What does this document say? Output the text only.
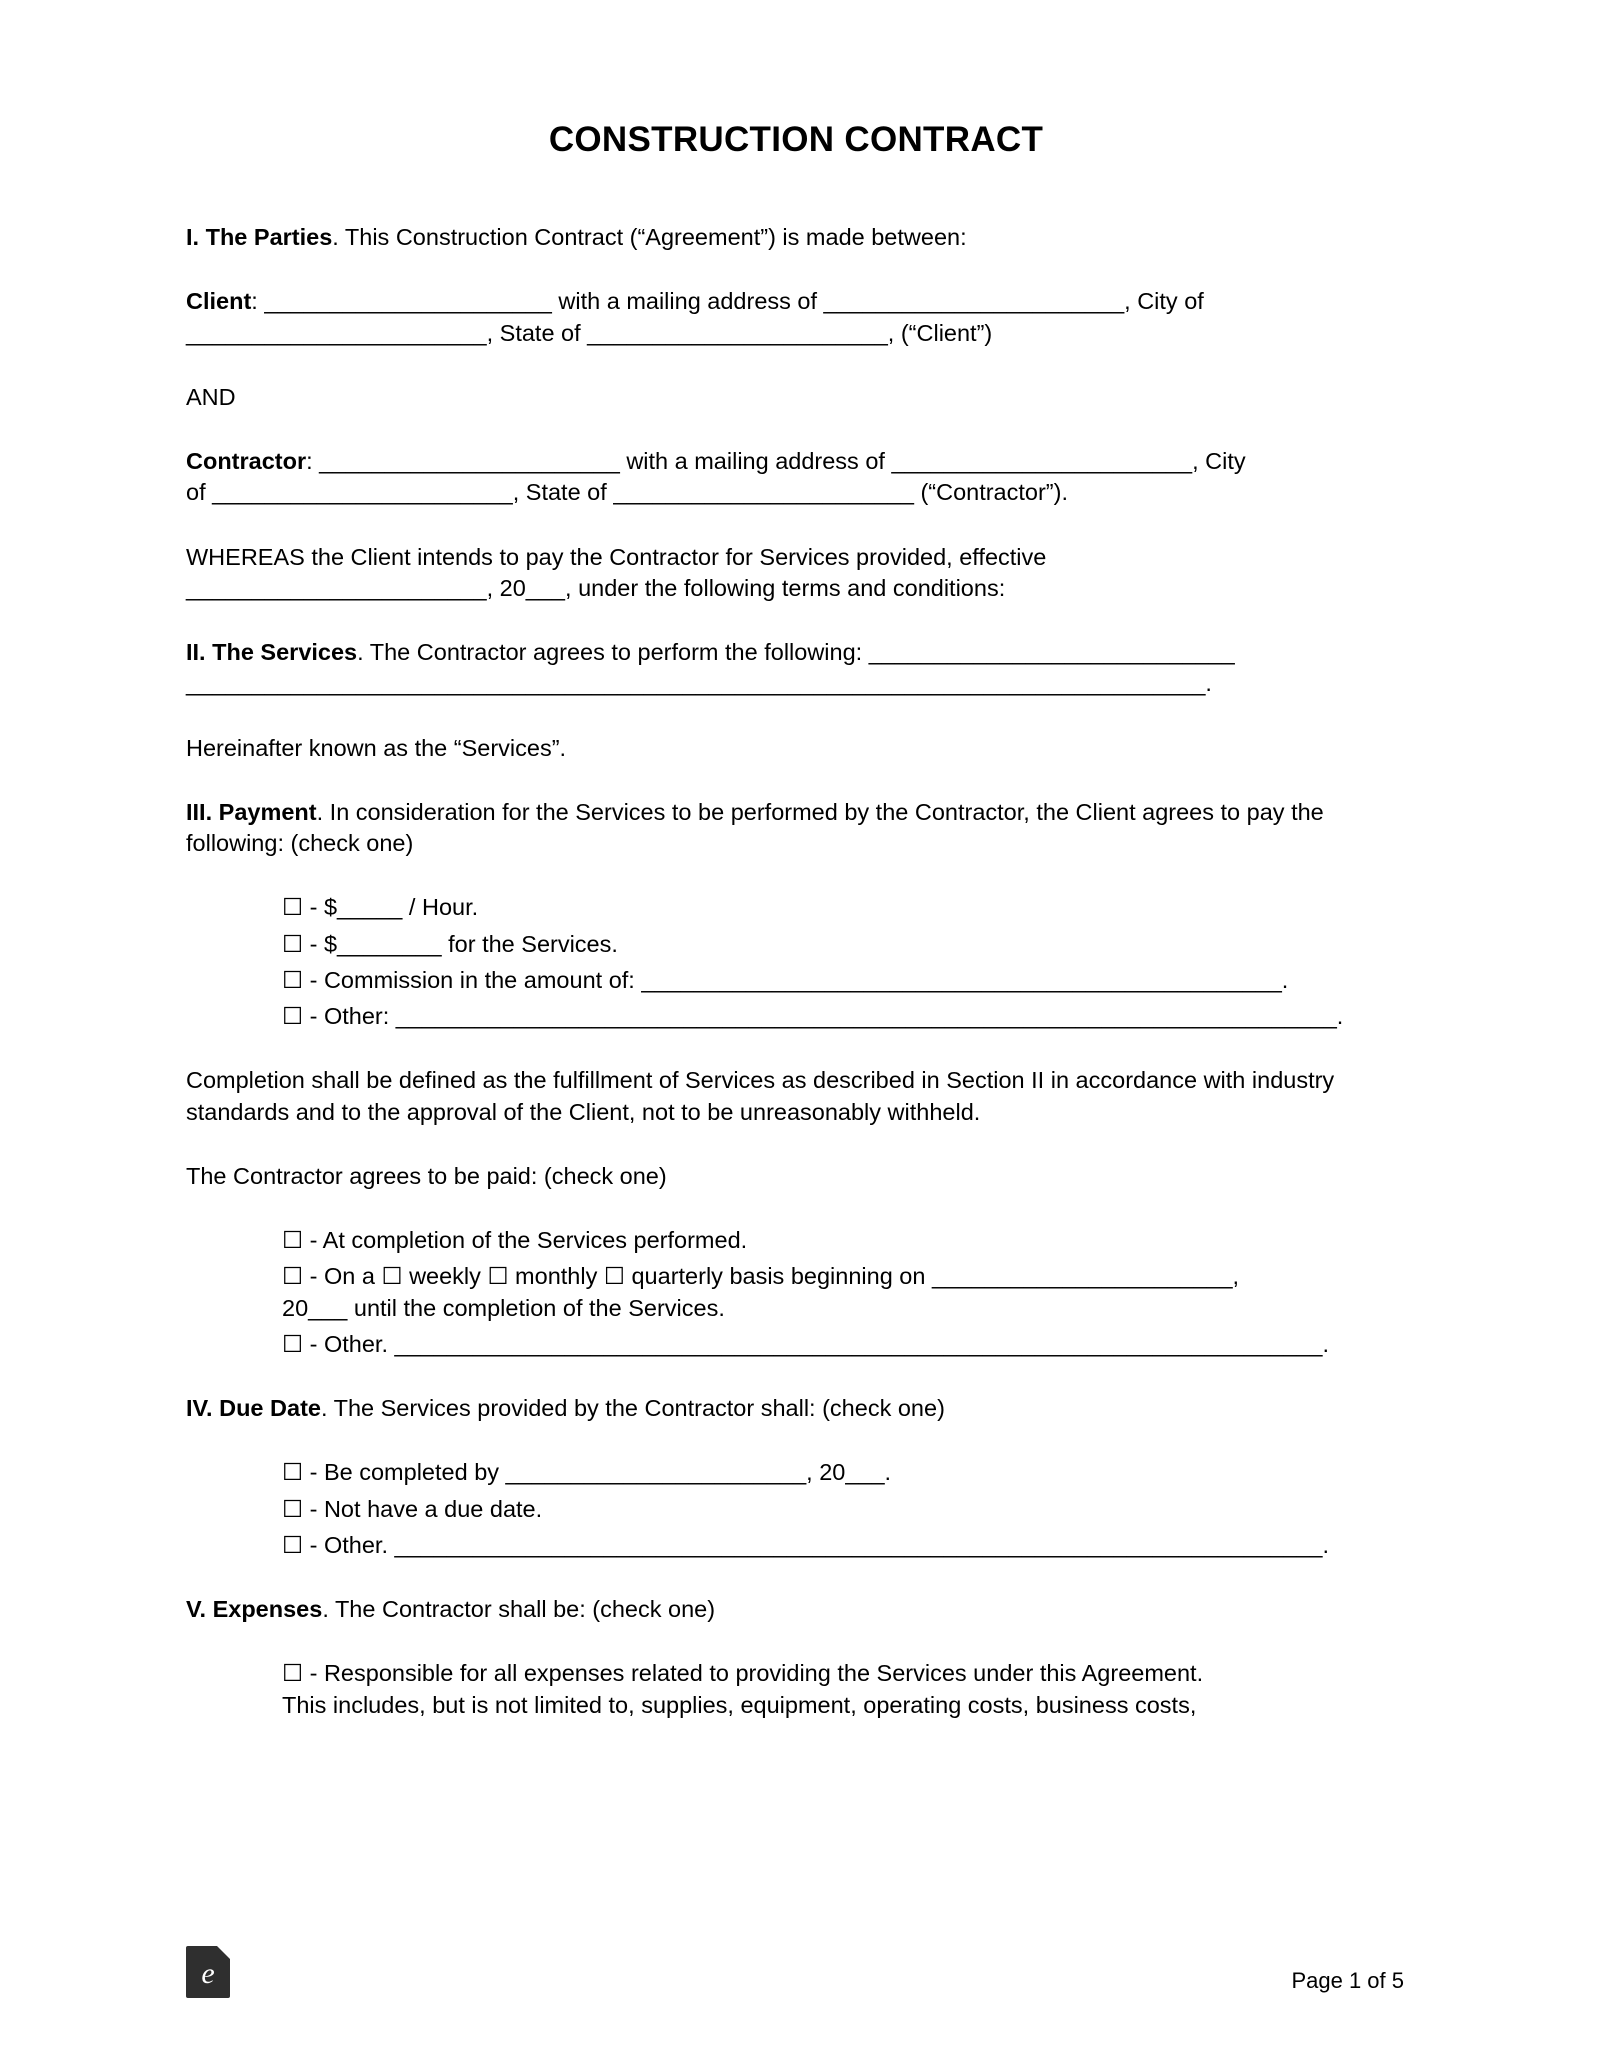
CONSTRUCTION CONTRACT

I. The Parties. This Construction Contract (“Agreement”) is made between:

Client: ______________________ with a mailing address of _______________________, City of
_______________________, State of _______________________, (“Client”)

AND

Contractor: _______________________ with a mailing address of _______________________, City
of _______________________, State of _______________________ (“Contractor”).

WHEREAS the Client intends to pay the Contractor for Services provided, effective
_______________________, 20___, under the following terms and conditions:

II. The Services. The Contractor agrees to perform the following: ____________________________
______________________________________________________________________________.

Hereinafter known as the “Services”.

III. Payment. In consideration for the Services to be performed by the Contractor, the Client agrees to pay the following: (check one)

☐ - $_____ / Hour.
☐ - $________ for the Services.
☐ - Commission in the amount of: _________________________________________________.
☐ - Other: ________________________________________________________________________.

Completion shall be defined as the fulfillment of Services as described in Section II in accordance with industry standards and to the approval of the Client, not to be unreasonably withheld.

The Contractor agrees to be paid: (check one)

☐ - At completion of the Services performed.
☐ - On a ☐ weekly ☐ monthly ☐ quarterly basis beginning on _______________________,
20___ until the completion of the Services.
☐ - Other. _______________________________________________________________________.

IV. Due Date. The Services provided by the Contractor shall: (check one)

☐ - Be completed by _______________________, 20___.
☐ - Not have a due date.
☐ - Other. _______________________________________________________________________.

V. Expenses. The Contractor shall be: (check one)

☐ - Responsible for all expenses related to providing the Services under this Agreement.
This includes, but is not limited to, supplies, equipment, operating costs, business costs,
e	Page 1 of 5
